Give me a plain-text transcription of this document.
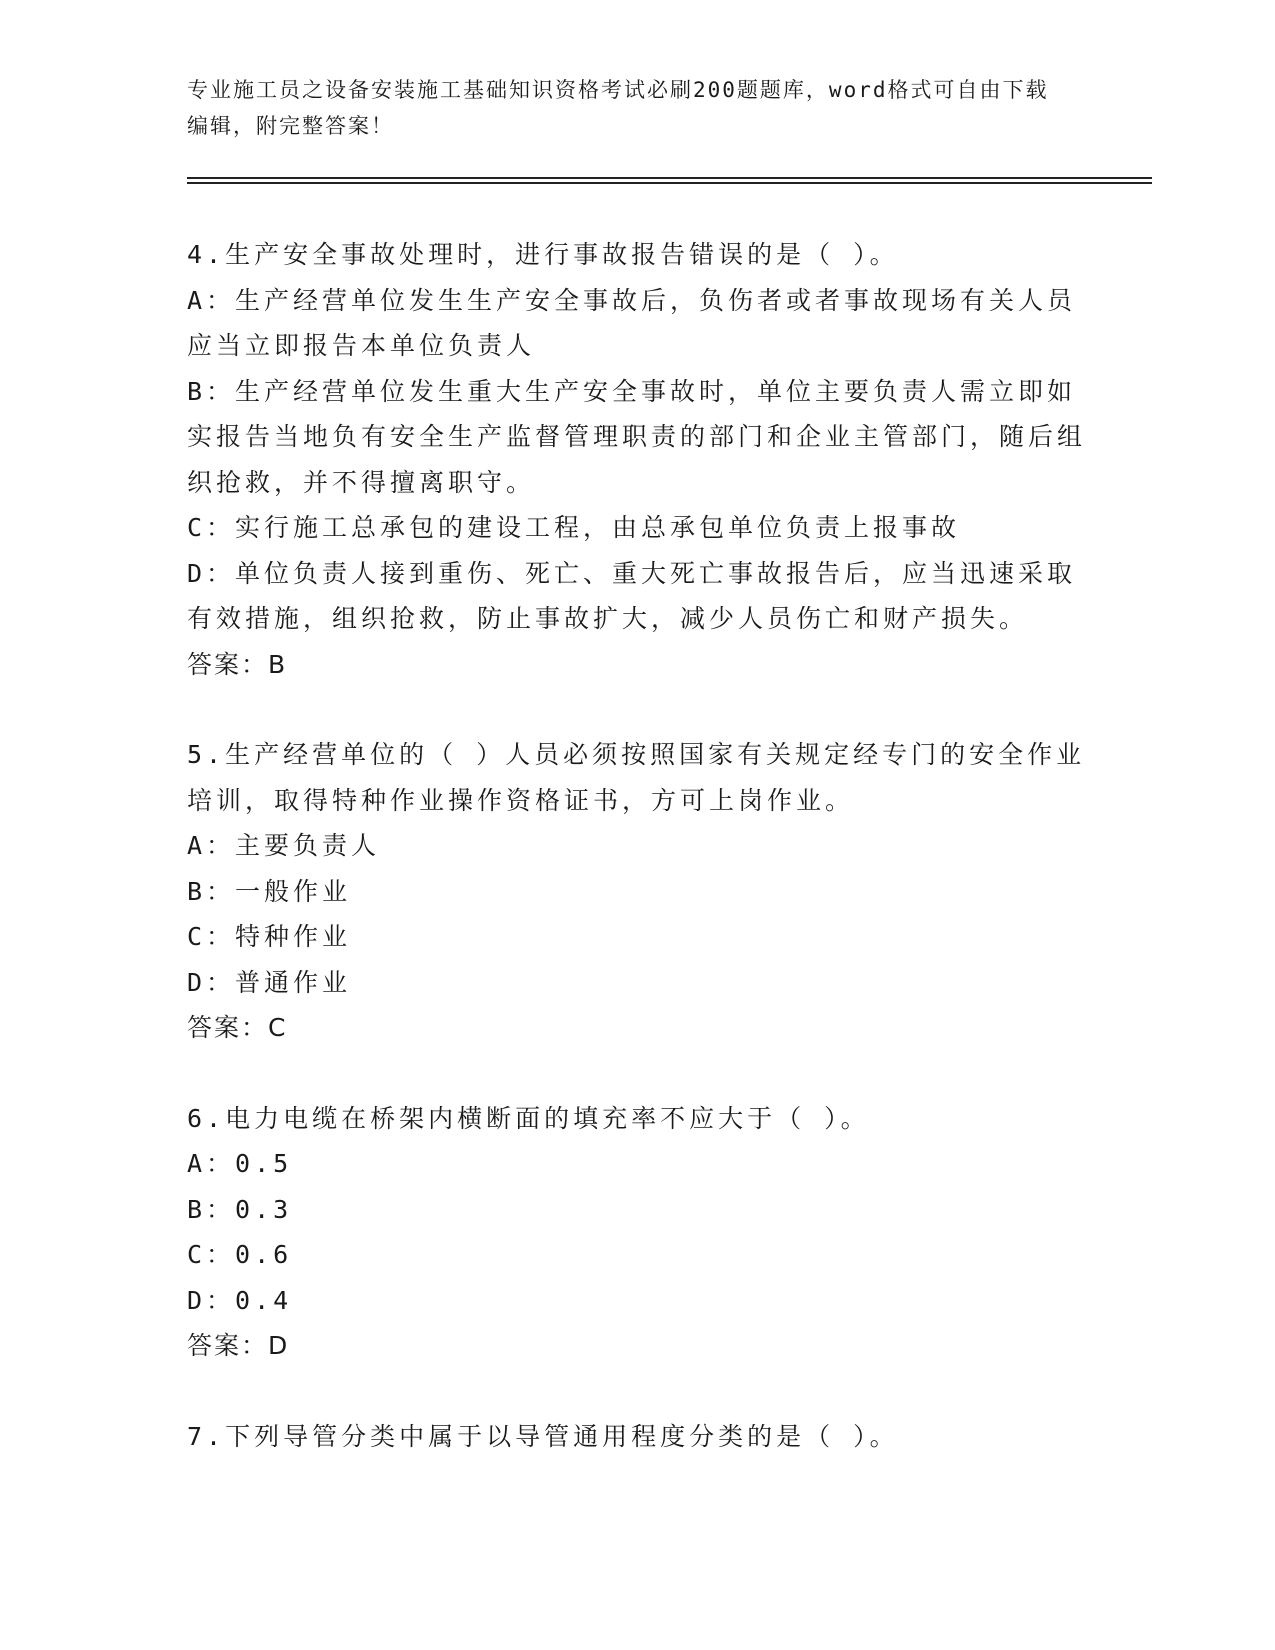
专业施工员之设备安装施工基础知识资格考试必刷200题题库，word格式可自由下载编辑，附完整答案！
4.生产安全事故处理时，进行事故报告错误的是（ ）。
A：生产经营单位发生生产安全事故后，负伤者或者事故现场有关人员应当立即报告本单位负责人
B：生产经营单位发生重大生产安全事故时，单位主要负责人需立即如实报告当地负有安全生产监督管理职责的部门和企业主管部门，随后组织抢救，并不得擅离职守。
C：实行施工总承包的建设工程，由总承包单位负责上报事故
D：单位负责人接到重伤、死亡、重大死亡事故报告后，应当迅速采取有效措施，组织抢救，防止事故扩大，减少人员伤亡和财产损失。
答案：B
5.生产经营单位的（ ）人员必须按照国家有关规定经专门的安全作业培训，取得特种作业操作资格证书，方可上岗作业。
A：主要负责人
B：一般作业
C：特种作业
D：普通作业
答案：C
6.电力电缆在桥架内横断面的填充率不应大于（ ）。
A：0.5
B：0.3
C：0.6
D：0.4
答案：D
7.下列导管分类中属于以导管通用程度分类的是（ ）。
